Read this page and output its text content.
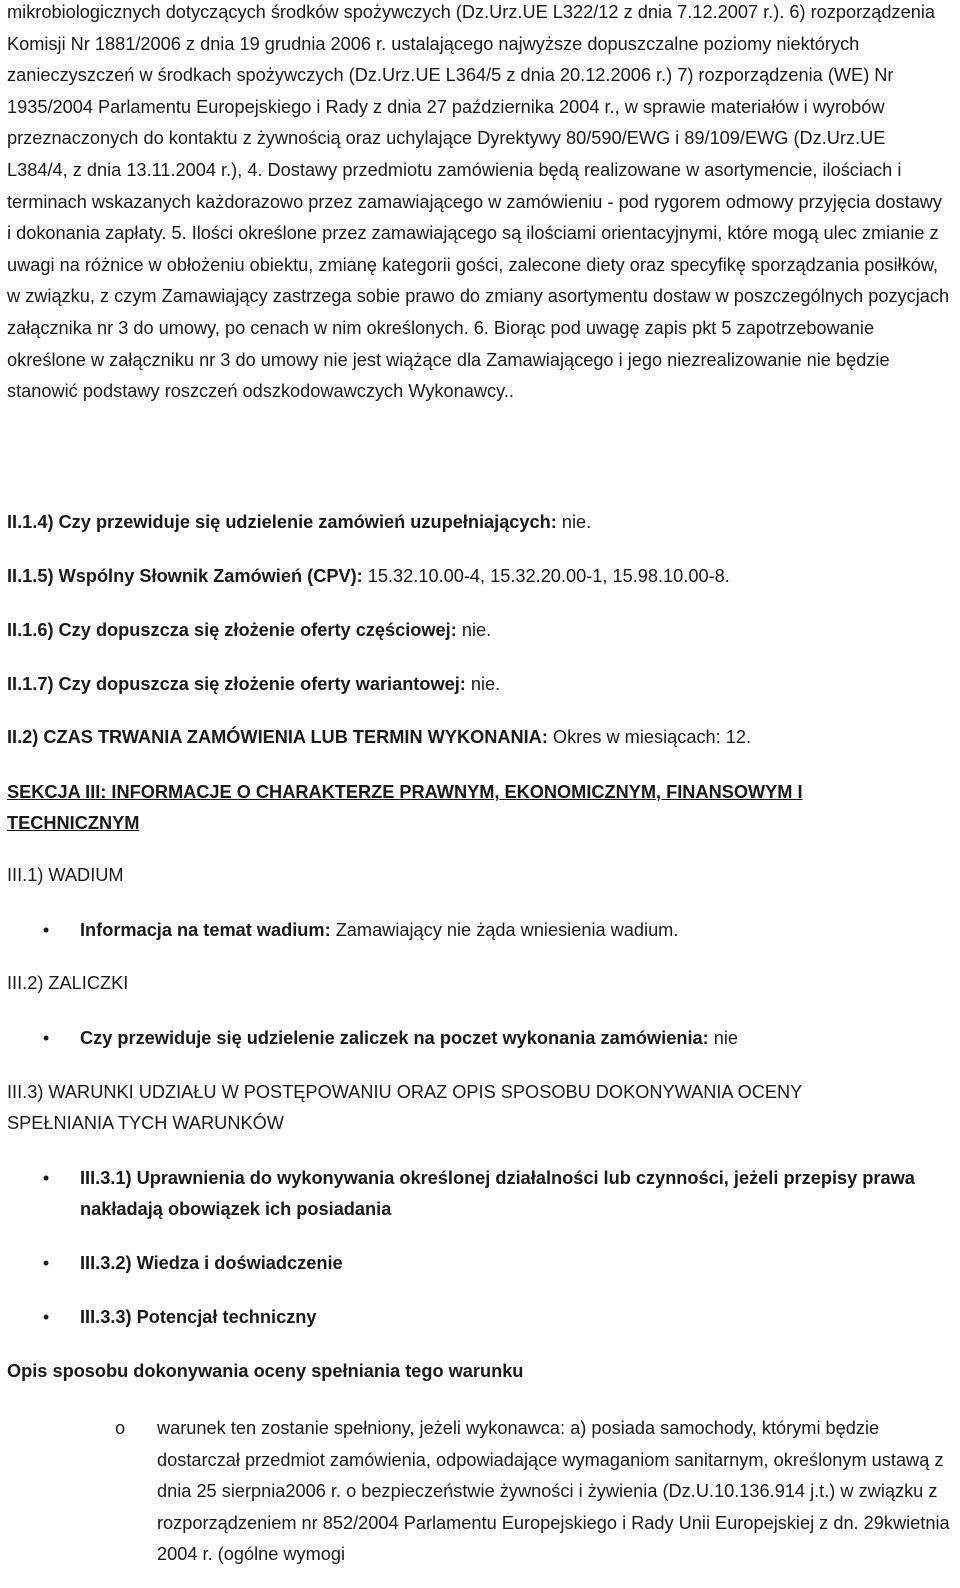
mikrobiologicznych dotyczących środków spożywczych (Dz.Urz.UE L322/12 z dnia 7.12.2007 r.). 6) rozporządzenia Komisji Nr 1881/2006 z dnia 19 grudnia 2006 r. ustalającego najwyższe dopuszczalne poziomy niektórych zanieczyszczeń w środkach spożywczych (Dz.Urz.UE L364/5 z dnia 20.12.2006 r.) 7) rozporządzenia (WE) Nr 1935/2004 Parlamentu Europejskiego i Rady z dnia 27 października 2004 r., w sprawie materiałów i wyrobów przeznaczonych do kontaktu z żywnością oraz uchylające Dyrektywy 80/590/EWG i 89/109/EWG (Dz.Urz.UE L384/4, z dnia 13.11.2004 r.), 4. Dostawy przedmiotu zamówienia będą realizowane w asortymencie, ilościach i terminach wskazanych każdorazowo przez zamawiającego w zamówieniu - pod rygorem odmowy przyjęcia dostawy i dokonania zapłaty. 5. Ilości określone przez zamawiającego są ilościami orientacyjnymi, które mogą ulec zmianie z uwagi na różnice w obłożeniu obiektu, zmianę kategorii gości, zalecone diety oraz specyfikę sporządzania posiłków, w związku, z czym Zamawiający zastrzega sobie prawo do zmiany asortymentu dostaw w poszczególnych pozycjach załącznika nr 3 do umowy, po cenach w nim określonych. 6. Biorąc pod uwagę zapis pkt 5 zapotrzebowanie określone w załączniku nr 3 do umowy nie jest wiążące dla Zamawiającego i jego niezrealizowanie nie będzie stanowić podstawy roszczeń odszkodowawczych Wykonawcy..

II.1.4) Czy przewiduje się udzielenie zamówień uzupełniających: nie.
II.1.5) Wspólny Słownik Zamówień (CPV): 15.32.10.00-4, 15.32.20.00-1, 15.98.10.00-8.
II.1.6) Czy dopuszcza się złożenie oferty częściowej: nie.
II.1.7) Czy dopuszcza się złożenie oferty wariantowej: nie.
II.2) CZAS TRWANIA ZAMÓWIENIA LUB TERMIN WYKONANIA: Okres w miesiącach: 12.
SEKCJA III: INFORMACJE O CHARAKTERZE PRAWNYM, EKONOMICZNYM, FINANSOWYM I TECHNICZNYM
III.1) WADIUM
•	Informacja na temat wadium: Zamawiający nie żąda wniesienia wadium.
III.2) ZALICZKI
•	Czy przewiduje się udzielenie zaliczek na poczet wykonania zamówienia: nie
III.3) WARUNKI UDZIAŁU W POSTĘPOWANIU ORAZ OPIS SPOSOBU DOKONYWANIA OCENY SPEŁNIANIA TYCH WARUNKÓW
•	III.3.1) Uprawnienia do wykonywania określonej działalności lub czynności, jeżeli przepisy prawa nakładają obowiązek ich posiadania
•	III.3.2) Wiedza i doświadczenie
•	III.3.3) Potencjał techniczny
Opis sposobu dokonywania oceny spełniania tego warunku
o warunek ten zostanie spełniony, jeżeli wykonawca: a) posiada samochody, którymi będzie dostarczał przedmiot zamówienia, odpowiadające wymaganiom sanitarnym, określonym ustawą z dnia 25 sierpnia2006 r. o bezpieczeństwie żywności i żywienia (Dz.U.10.136.914 j.t.) w związku z rozporządzeniem nr 852/2004 Parlamentu Europejskiego i Rady Unii Europejskiej z dn. 29kwietnia 2004 r. (ogólne wymogi
